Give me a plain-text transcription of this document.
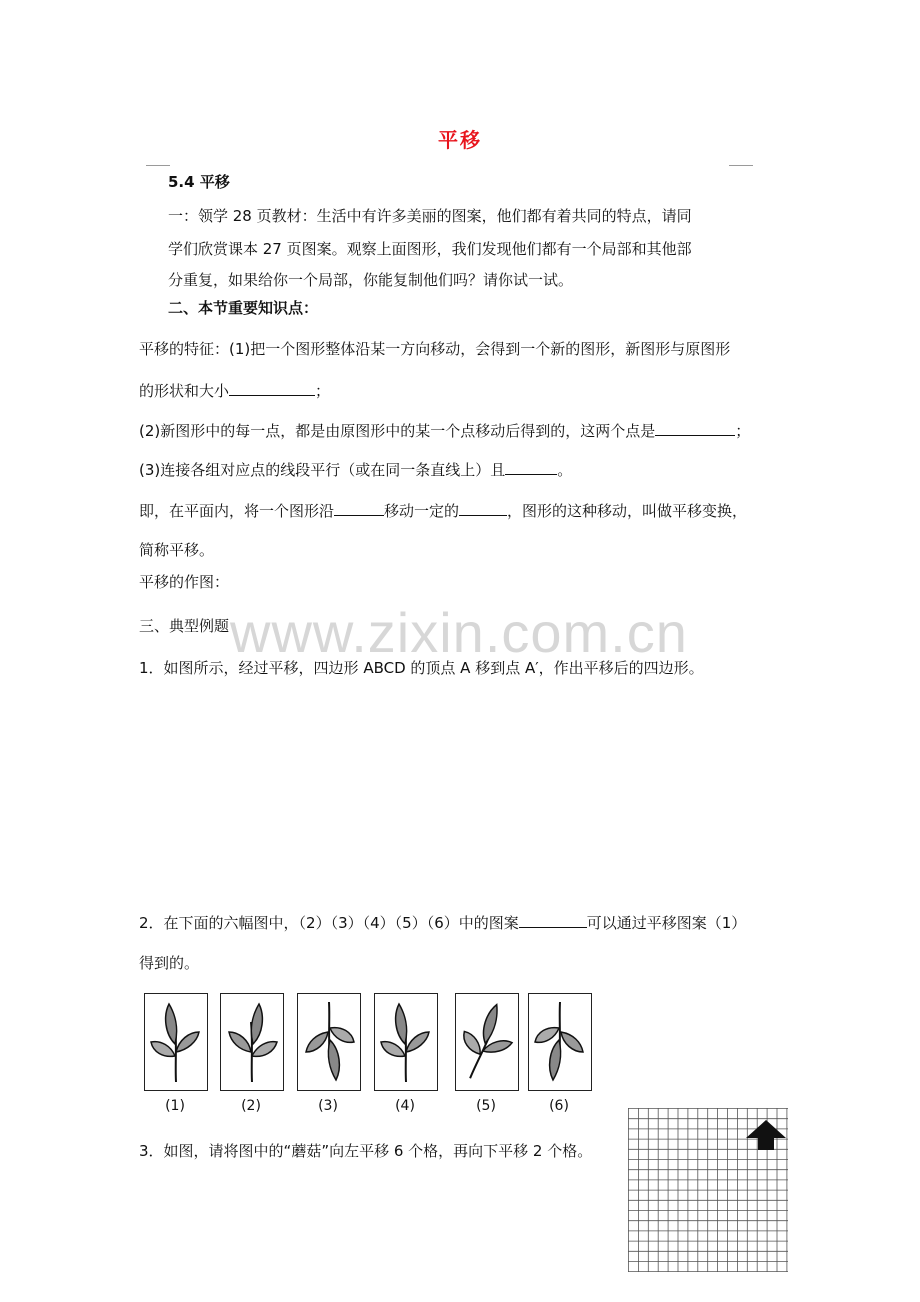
平移
5.4 平移
一：领学 28 页教材：生活中有许多美丽的图案，他们都有着共同的特点，请同
学们欣赏课本 27 页图案。观察上面图形，我们发现他们都有一个局部和其他部
分重复，如果给你一个局部，你能复制他们吗？请你试一试。
二、本节重要知识点：
平移的特征：(1)把一个图形整体沿某一方向移动，会得到一个新的图形，新图形与原图形
的形状和大小	；
(2)新图形中的每一点，都是由原图形中的某一个点移动后得到的，这两个点是	；
(3)连接各组对应点的线段平行（或在同一条直线上）且	。
即，在平面内，将一个图形沿	移动一定的	，图形的这种移动，叫做平移变换，
简称平移。
平移的作图：
www.zixin.com.cn
三、典型例题
1．如图所示，经过平移，四边形 ABCD 的顶点 A 移到点 A′，作出平移后的四边形。
2．在下面的六幅图中，（2）（3）（4）（5）（6）中的图案	可以通过平移图案（1）
得到的。
(1)	(2)	(3)	(4)	(5)	(6)
3．如图，请将图中的“蘑菇”向左平移 6 个格，再向下平移 2 个格。
